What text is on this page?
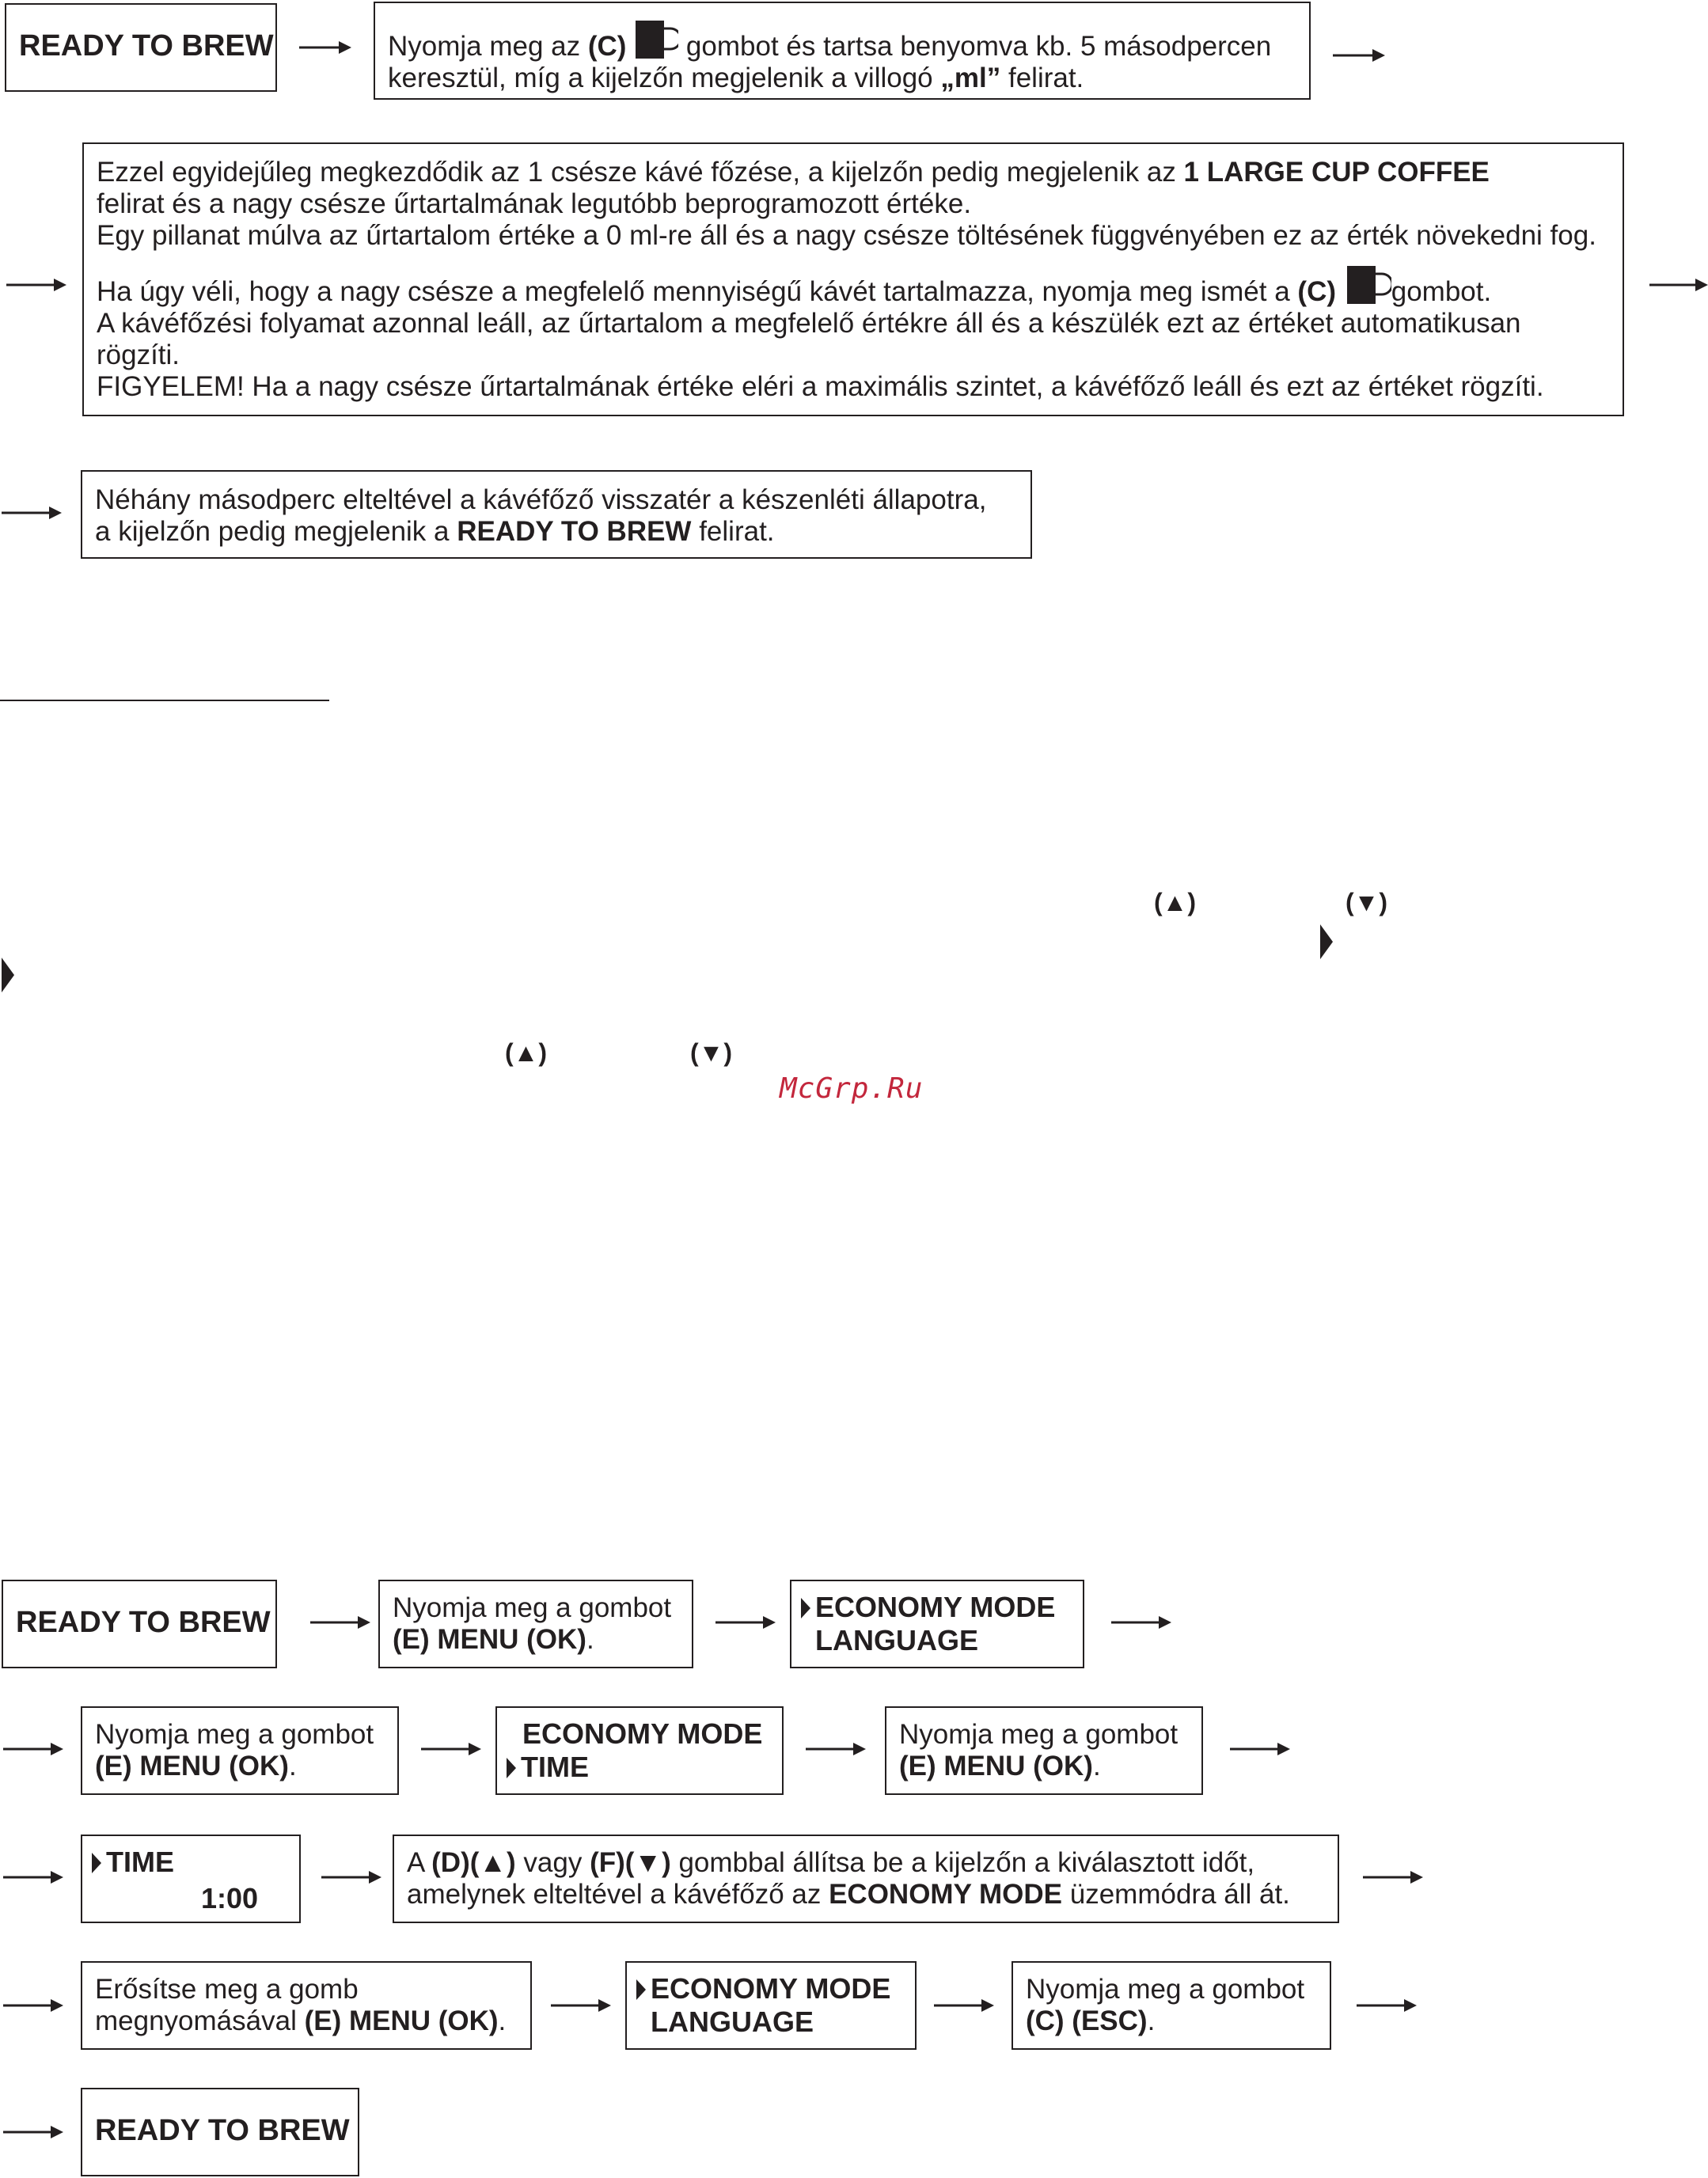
READY TO BREW	Nyomja meg az (C)  gombot és tartsa benyomva kb. 5 másodpercen
keresztül, míg a kijelzőn megjelenik a villogó „ml” felirat.
Ezzel egyidejűleg megkezdődik az 1 csésze kávé főzése, a kijelzőn pedig megjelenik az 1 LARGE CUP COFFEE
felirat és a nagy csésze űrtartalmának legutóbb beprogramozott értéke.
Egy pillanat múlva az űrtartalom értéke a 0 ml-re áll és a nagy csésze töltésének függvényében ez az érték növekedni fog.
Ha úgy véli, hogy a nagy csésze a megfelelő mennyiségű kávét tartalmazza, nyomja meg ismét a (C) gombot.
A kávéfőzési folyamat azonnal leáll, az űrtartalom a megfelelő értékre áll és a készülék ezt az értéket automatikusan
rögzíti.
FIGYELEM! Ha a nagy csésze űrtartalmának értéke eléri a maximális szintet, a kávéfőző leáll és ezt az értéket rögzíti.
Néhány másodperc elteltével a kávéfőző visszatér a készenléti állapotra,
a kijelzőn pedig megjelenik a READY TO BREW felirat.
(▲)	(▼)
(▲)	(▼)
McGrp.Ru
READY TO BREW	Nyomja meg a gombot
(E) MENU (OK).
ECONOMY MODE
LANGUAGE
Nyomja meg a gombot
(E) MENU (OK).
ECONOMY MODE
TIME
Nyomja meg a gombot
(E) MENU (OK).
TIME
1:00
A (D)(▲) vagy (F)(▼) gombbal állítsa be a kijelzőn a kiválasztott időt,
amelynek elteltével a kávéfőző az ECONOMY MODE üzemmódra áll át.
Erősítse meg a gomb
megnyomásával (E) MENU (OK).
ECONOMY MODE
LANGUAGE
Nyomja meg a gombot
(C) (ESC).
READY TO BREW
